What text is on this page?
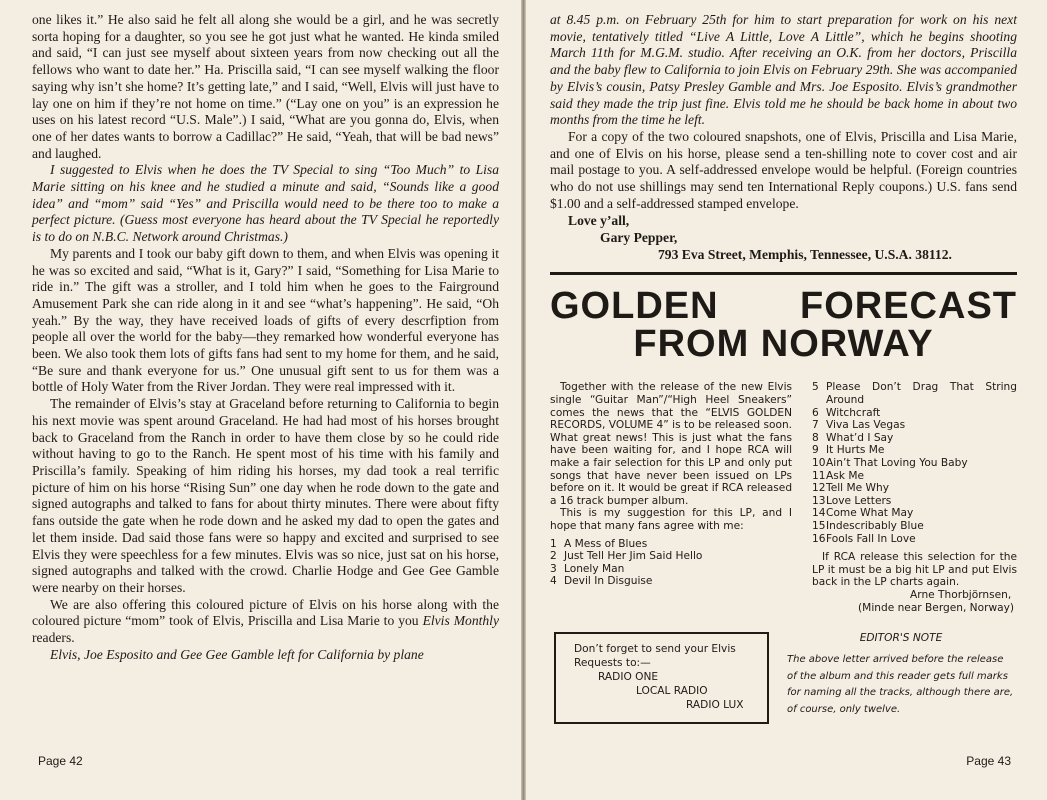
one likes it.” He also said he felt all along she would be a girl, and he was secretly sorta hoping for a daughter, so you see he got just what he wanted. He kinda smiled and said, “I can just see myself about sixteen years from now checking out all the fellows who want to date her.” Ha. Priscilla said, “I can see myself walking the floor saying why isn’t she home? It’s getting late,” and I said, “Well, Elvis will just have to lay one on him if they’re not home on time.” (“Lay one on you” is an expression he uses on his latest record “U.S. Male”.) I said, “What are you gonna do, Elvis, when one of her dates wants to borrow a Cadillac?” He said, “Yeah, that will be bad news” and laughed.

I suggested to Elvis when he does the TV Special to sing “Too Much” to Lisa Marie sitting on his knee and he studied a minute and said, “Sounds like a good idea” and “mom” said “Yes” and Priscilla would need to be there too to make a perfect picture. (Guess most everyone has heard about the TV Special he reportedly is to do on N.B.C. Network around Christmas.)

My parents and I took our baby gift down to them, and when Elvis was opening it he was so excited and said, “What is it, Gary?” I said, “Something for Lisa Marie to ride in.” The gift was a stroller, and I told him when he goes to the Fairground Amusement Park she can ride along in it and see “what’s happening”. He said, “Oh yeah.” By the way, they have received loads of gifts of every descrfiption from people all over the world for the baby—they remarked how wonderful everyone has been. We also took them lots of gifts fans had sent to my home for them, and he said, “Be sure and thank everyone for us.” One unusual gift sent to us for them was a bottle of Holy Water from the River Jordan. They were real impressed with it.

The remainder of Elvis’s stay at Graceland before returning to California to begin his next movie was spent around Graceland. He had had most of his horses brought back to Graceland from the Ranch in order to have them close by so he could ride without having to go to the Ranch. He spent most of his time with his family and Priscilla’s family. Speaking of him riding his horses, my dad took a real terrific picture of him on his horse “Rising Sun” one day when he rode down to the gate and signed autographs and talked to fans for about thirty minutes. There were about fifty fans outside the gate when he rode down and he asked my dad to open the gates and let them inside. Dad said those fans were so happy and excited and surprised to see Elvis they were speechless for a few minutes. Elvis was so nice, just sat on his horse, signed autographs and talked with the crowd. Charlie Hodge and Gee Gee Gamble were nearby on their horses.

We are also offering this coloured picture of Elvis on his horse along with the coloured picture “mom” took of Elvis, Priscilla and Lisa Marie to you Elvis Monthly readers.

Elvis, Joe Esposito and Gee Gee Gamble left for California by plane

Page 42

at 8.45 p.m. on February 25th for him to start preparation for work on his next movie, tentatively titled “Live A Little, Love A Little”, which he begins shooting March 11th for M.G.M. studio. After receiving an O.K. from her doctors, Priscilla and the baby flew to California to join Elvis on February 29th. She was accompanied by Elvis’s cousin, Patsy Presley Gamble and Mrs. Joe Esposito. Elvis’s grandmother said they made the trip just fine. Elvis told me he should be back home in about two months from the time he left.

For a copy of the two coloured snapshots, one of Elvis, Priscilla and Lisa Marie, and one of Elvis on his horse, please send a ten-shilling note to cover cost and air mail postage to you. A self-addressed envelope would be helpful. (Foreign countries who do not use shillings may send ten International Reply coupons.) U.S. fans send $1.00 and a self-addressed stamped envelope.

Love y’all,
Gary Pepper,
793 Eva Street, Memphis, Tennessee, U.S.A. 38112.
GOLDEN FORECAST
FROM NORWAY

Together with the release of the new Elvis single “Guitar Man”/“High Heel Sneakers” comes the news that the “ELVIS GOLDEN RECORDS, VOLUME 4” is to be released soon. What great news! This is just what the fans have been waiting for, and I hope RCA will make a fair selection for this LP and only put songs that have never been issued on LPs before on it. It would be great if RCA released a 16 track bumper album.

This is my suggestion for this LP, and I hope that many fans agree with me:

1 A Mess of Blues
2 Just Tell Her Jim Said Hello
3 Lonely Man
4 Devil In Disguise
5 Please Don’t Drag That String Around
6 Witchcraft
7 Viva Las Vegas
8 What’d I Say
9 It Hurts Me
10 Ain’t That Loving You Baby
11 Ask Me
12 Tell Me Why
13 Love Letters
14 Come What May
15 Indescribably Blue
16 Fools Fall In Love

If RCA release this selection for the LP it must be a big hit LP and put Elvis back in the LP charts again.

Arne Thorbjörnsen,
(Minde near Bergen, Norway)
Don’t forget to send your Elvis
Requests to:—
RADIO ONE
LOCAL RADIO
RADIO LUX
EDITOR'S NOTE
The above letter arrived before the release of the album and this reader gets full marks for naming all the tracks, although there are, of course, only twelve.
Page 43
